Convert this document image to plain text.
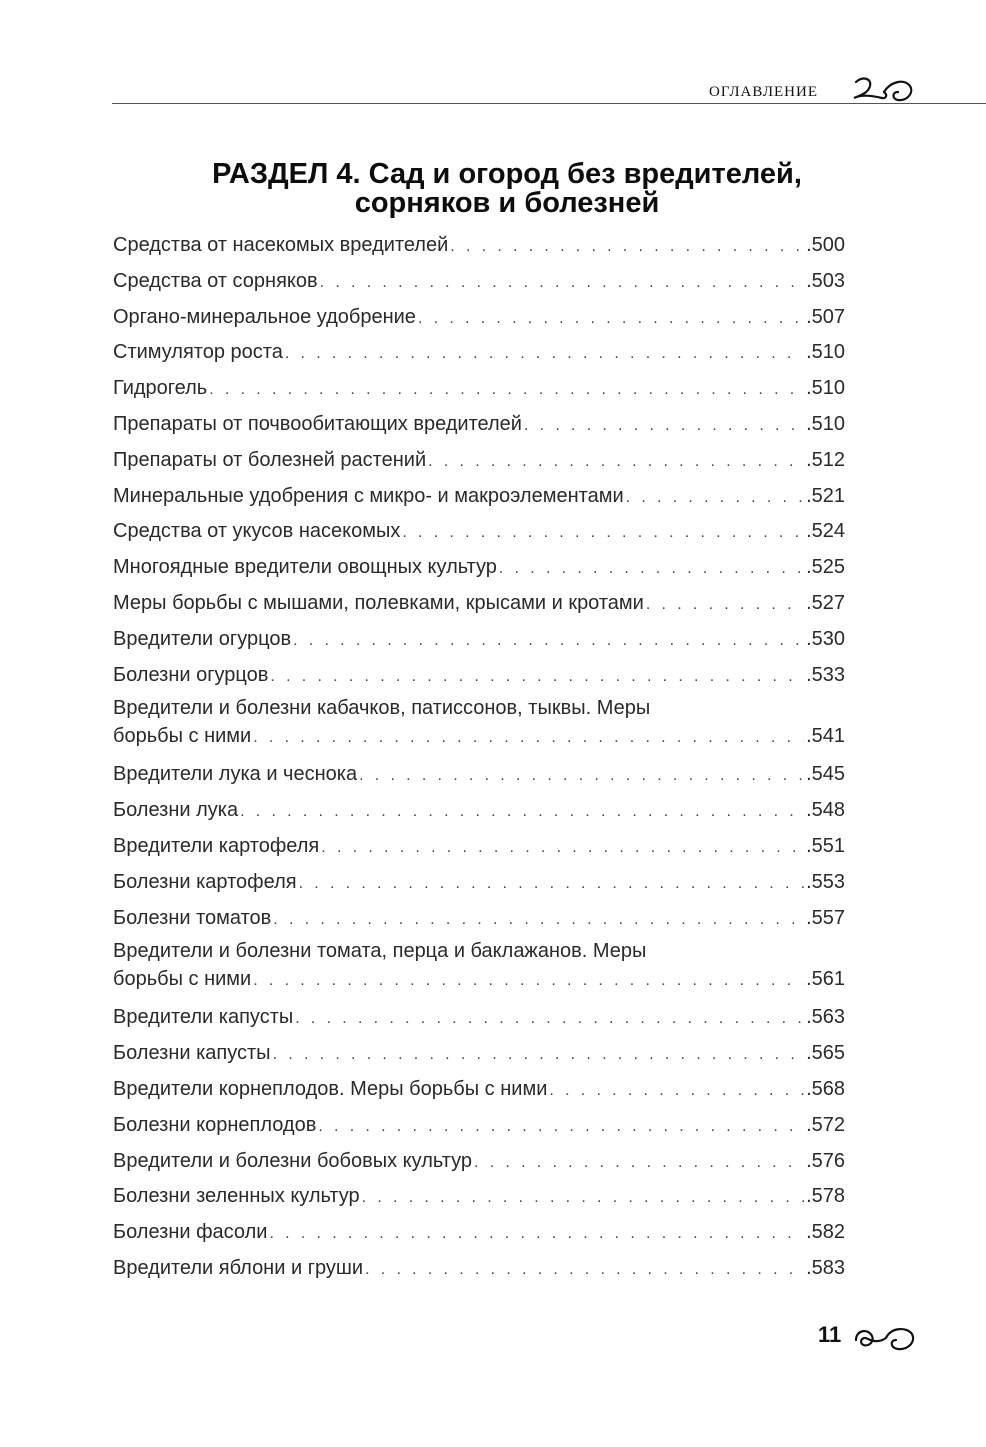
ОГЛАВЛЕНИЕ
РАЗДЕЛ 4. Сад и огород без вредителей,
сорняков и болезней
Средства от насекомых вредителей . . .	.500
Средства от сорняков . . .	.503
Органо-минеральное удобрение . . .	.507
Стимулятор роста . . .	.510
Гидрогель . . .	.510
Препараты от почвообитающих вредителей . . .	.510
Препараты от болезней растений . . .	.512
Минеральные удобрения с микро- и макроэлементами . . .	.521
Средства от укусов насекомых . . .	.524
Многоядные вредители овощных культур . . .	.525
Меры борьбы с мышами, полевками, крысами и кротами . . .	.527
Вредители огурцов . . .	.530
Болезни огурцов . . .	.533
Вредители и болезни кабачков, патиссонов, тыквы. Меры
борьбы с ними . . .	.541
Вредители лука и чеснока . . .	.545
Болезни лука . . .	.548
Вредители картофеля . . .	.551
Болезни картофеля . . .	.553
Болезни томатов . . .	.557
Вредители и болезни томата, перца и баклажанов. Меры
борьбы с ними . . .	.561
Вредители капусты . . .	.563
Болезни капусты . . .	.565
Вредители корнеплодов. Меры борьбы с ними . . .	.568
Болезни корнеплодов . . .	.572
Вредители и болезни бобовых культур . . .	.576
Болезни зеленных культур . . .	.578
Болезни фасоли . . .	.582
Вредители яблони и груши . . .	.583
11
